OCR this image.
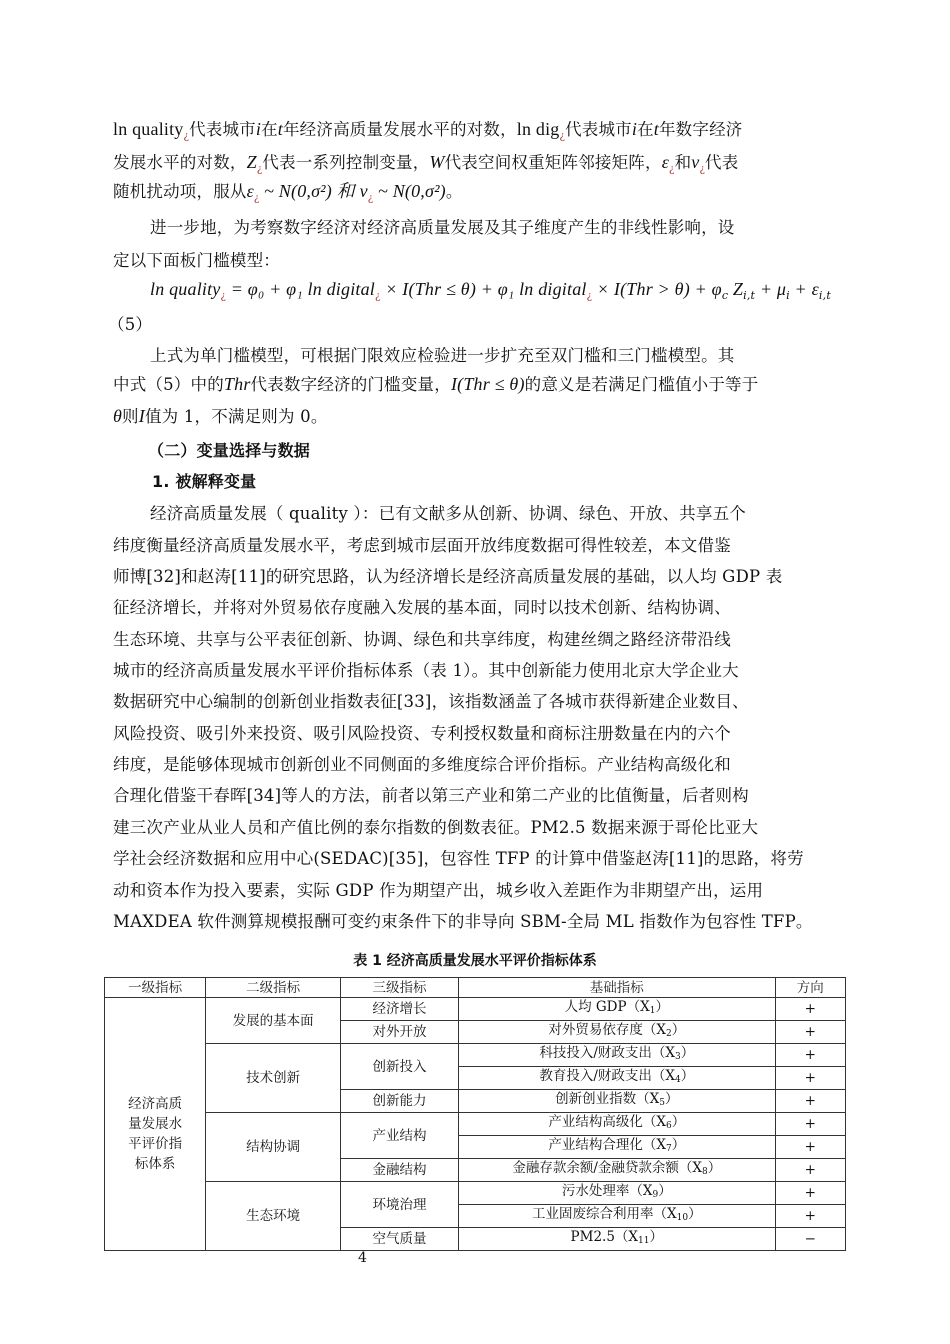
ln quality$_¿$代表城市i在t年经济高质量发展水平的对数，ln dig$_¿$代表城市i在t年数字经济
发展水平的对数，$Z_¿$代表一系列控制变量，W代表空间权重矩阵邻接矩阵，$\varepsilon_¿$和$v_¿$代表
随机扰动项，服从$\varepsilon_¿$ ~ N(0,σ²) 和 $v_¿$ ~ N(0,σ²)。
进一步地，为考察数字经济对经济高质量发展及其子维度产生的非线性影响，设
定以下面板门槛模型：
ln quality$_¿$ = φ₀ + φ₁ ln digital$_¿$ × I(Thr ≤ θ) + φ₁ ln digital$_¿$ × $I(Thr > \theta) + \varphi_c$ $Z_{i,t} + \mu_i + \varepsilon_{i,t}$
（5）
上式为单门槛模型，可根据门限效应检验进一步扩充至双门槛和三门槛模型。其
中式（5）中的Thr代表数字经济的门槛变量，I(Thr ≤ θ)的意义是若满足门槛值小于等于
θ则I值为 1，不满足则为 0。
（二）变量选择与数据
1. 被解释变量
经济高质量发展（ quality ）：已有文献多从创新、协调、绿色、开放、共享五个
纬度衡量经济高质量发展水平，考虑到城市层面开放纬度数据可得性较差，本文借鉴
师博[32]和赵涛[11]的研究思路，认为经济增长是经济高质量发展的基础，以人均 GDP 表
征经济增长，并将对外贸易依存度融入发展的基本面，同时以技术创新、结构协调、
生态环境、共享与公平表征创新、协调、绿色和共享纬度，构建丝绸之路经济带沿线
城市的经济高质量发展水平评价指标体系（表 1）。其中创新能力使用北京大学企业大
数据研究中心编制的创新创业指数表征[33]，该指数涵盖了各城市获得新建企业数目、
风险投资、吸引外来投资、吸引风险投资、专利授权数量和商标注册数量在内的六个
纬度，是能够体现城市创新创业不同侧面的多维度综合评价指标。产业结构高级化和
合理化借鉴干春晖[34]等人的方法，前者以第三产业和第二产业的比值衡量，后者则构
建三次产业从业人员和产值比例的泰尔指数的倒数表征。PM2.5 数据来源于哥伦比亚大
学社会经济数据和应用中心(SEDAC)[35]，包容性 TFP 的计算中借鉴赵涛[11]的思路，将劳
动和资本作为投入要素，实际 GDP 作为期望产出，城乡收入差距作为非期望产出，运用
MAXDEA 软件测算规模报酬可变约束条件下的非导向 SBM-全局 ML 指数作为包容性 TFP。
表 1 经济高质量发展水平评价指标体系
一级指标	二级指标	三级指标	基础指标	方向

经济高质
量发展水
平评价指
标体系	发展的基本面	经济增长	人均 GDP（X1）	+
		对外开放	对外贸易依存度（X2）	+
	技术创新	创新投入	科技投入/财政支出（X3）	+
			教育投入/财政支出（X4）	+
		创新能力	创新创业指数（X5）	+
	结构协调	产业结构	产业结构高级化（X6）	+
			产业结构合理化（X7）	+
		金融结构	金融存款余额/金融贷款余额（X8）	+
	生态环境	环境治理	污水处理率（X9）	+
			工业固废综合利用率（X10）	+
		空气质量	PM2.5（X11）	−
4
